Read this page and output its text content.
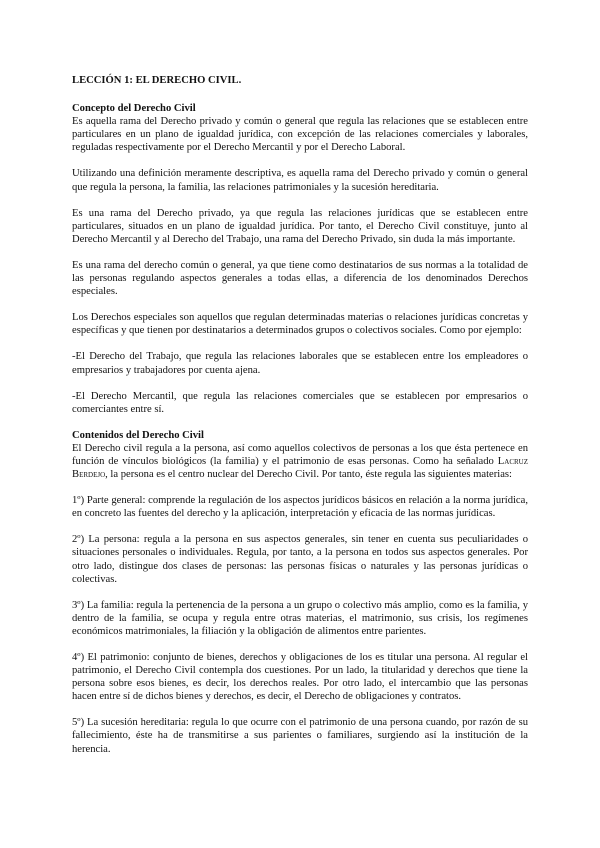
LECCIÓN 1: EL DERECHO CIVIL.
Concepto del Derecho Civil

Es aquella rama del Derecho privado y común o general que regula las relaciones que se establecen entre particulares en un plano de igualdad jurídica, con excepción de las relaciones comerciales y laborales, reguladas respectivamente por el Derecho Mercantil y por el Derecho Laboral.

Utilizando una definición meramente descriptiva, es aquella rama del Derecho privado y común o general que regula la persona, la familia, las relaciones patrimoniales y la sucesión hereditaria.

Es una rama del Derecho privado, ya que regula las relaciones jurídicas que se establecen entre particulares, situados en un plano de igualdad jurídica. Por tanto, el Derecho Civil constituye, junto al Derecho Mercantil y al Derecho del Trabajo, una rama del Derecho Privado, sin duda la más importante.

Es una rama del derecho común o general, ya que tiene como destinatarios de sus normas a la totalidad de las personas regulando aspectos generales a todas ellas, a diferencia de los denominados Derechos especiales.

Los Derechos especiales son aquellos que regulan determinadas materias o relaciones jurídicas concretas y específicas y que tienen por destinatarios a determinados grupos o colectivos sociales. Como por ejemplo:

-El Derecho del Trabajo, que regula las relaciones laborales que se establecen entre los empleadores o empresarios y trabajadores por cuenta ajena.

-El Derecho Mercantil, que regula las relaciones comerciales que se establecen por empresarios o comerciantes entre sí.

Contenidos del Derecho Civil

El Derecho civil regula a la persona, así como aquellos colectivos de personas a los que ésta pertenece en función de vínculos biológicos (la familia) y el patrimonio de esas personas. Como ha señalado Lacruz Berdejo, la persona es el centro nuclear del Derecho Civil. Por tanto, éste regula las siguientes materias:

1º) Parte general: comprende la regulación de los aspectos jurídicos básicos en relación a la norma jurídica, en concreto las fuentes del derecho y la aplicación, interpretación y eficacia de las normas jurídicas.

2º) La persona: regula a la persona en sus aspectos generales, sin tener en cuenta sus peculiaridades o situaciones personales o individuales. Regula, por tanto, a la persona en todos sus aspectos generales. Por otro lado, distingue dos clases de personas: las personas físicas o naturales y las personas jurídicas o colectivas.

3º) La familia: regula la pertenencia de la persona a un grupo o colectivo más amplio, como es la familia, y dentro de la familia, se ocupa y regula entre otras materias, el matrimonio, sus crisis, los regímenes económicos matrimoniales, la filiación y la obligación de alimentos entre parientes.

4º) El patrimonio: conjunto de bienes, derechos y obligaciones de los es titular una persona. Al regular el patrimonio, el Derecho Civil contempla dos cuestiones. Por un lado, la titularidad y derechos que tiene la persona sobre esos bienes, es decir, los derechos reales. Por otro lado, el intercambio que las personas hacen entre sí de dichos bienes y derechos, es decir, el Derecho de obligaciones y contratos.

5º) La sucesión hereditaria: regula lo que ocurre con el patrimonio de una persona cuando, por razón de su fallecimiento, éste ha de transmitirse a sus parientes o familiares, surgiendo así la institución de la herencia.
